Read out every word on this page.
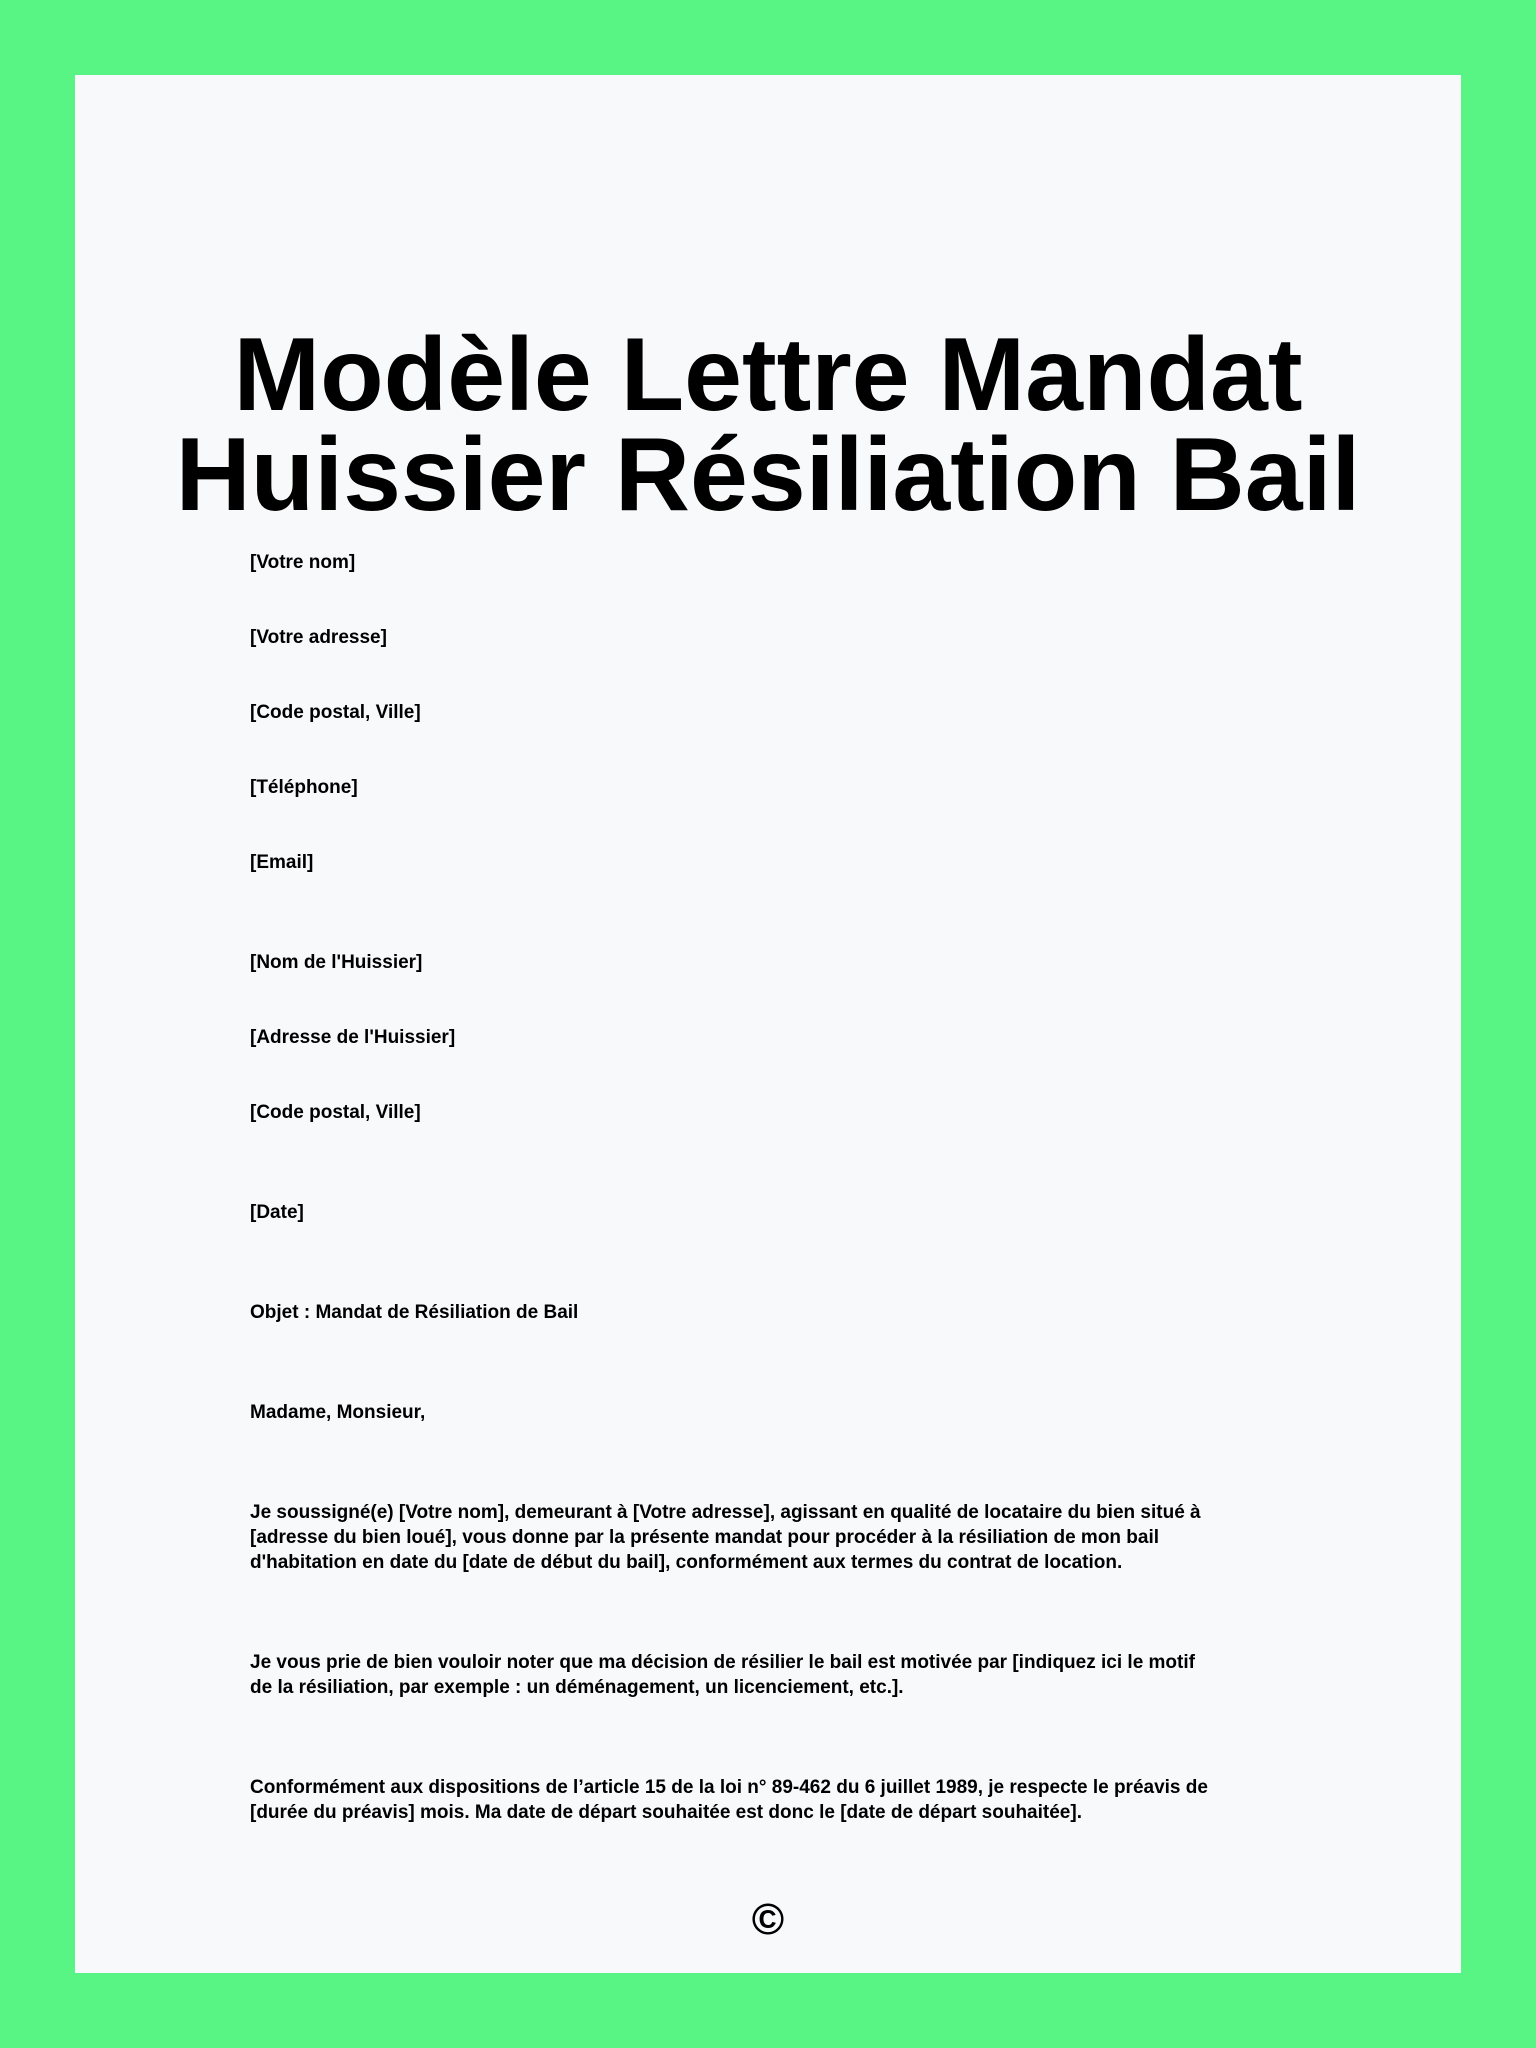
Modèle Lettre Mandat
Huissier Résiliation Bail

[Votre nom]

[Votre adresse]

[Code postal, Ville]

[Téléphone]

[Email]

[Nom de l'Huissier]

[Adresse de l'Huissier]

[Code postal, Ville]

[Date]

Objet : Mandat de Résiliation de Bail

Madame, Monsieur,

Je soussigné(e) [Votre nom], demeurant à [Votre adresse], agissant en qualité de locataire du bien situé à

[adresse du bien loué], vous donne par la présente mandat pour procéder à la résiliation de mon bail

d'habitation en date du [date de début du bail], conformément aux termes du contrat de location.

Je vous prie de bien vouloir noter que ma décision de résilier le bail est motivée par [indiquez ici le motif

de la résiliation, par exemple : un déménagement, un licenciement, etc.].

Conformément aux dispositions de l’article 15 de la loi n° 89-462 du 6 juillet 1989, je respecte le préavis de

[durée du préavis] mois. Ma date de départ souhaitée est donc le [date de départ souhaitée].

©
